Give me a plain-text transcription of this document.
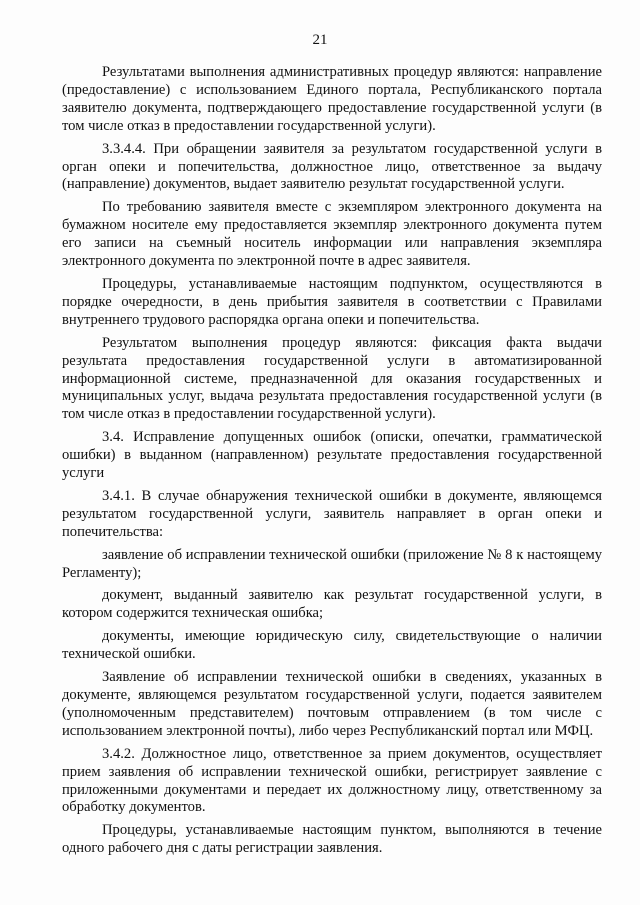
21

Результатами выполнения административных процедур являются: направление (предоставление) с использованием Единого портала, Республиканского портала заявителю документа, подтверждающего предоставление государственной услуги (в том числе отказ в предоставлении государственной услуги).

3.3.4.4. При обращении заявителя за результатом государственной услуги в орган опеки и попечительства, должностное лицо, ответственное за выдачу (направление) документов, выдает заявителю результат государственной услуги.

По требованию заявителя вместе с экземпляром электронного документа на бумажном носителе ему предоставляется экземпляр электронного документа путем его записи на съемный носитель информации или направления экземпляра электронного документа по электронной почте в адрес заявителя.

Процедуры, устанавливаемые настоящим подпунктом, осуществляются в порядке очередности, в день прибытия заявителя в соответствии с Правилами внутреннего трудового распорядка органа опеки и попечительства.

Результатом выполнения процедур являются: фиксация факта выдачи результата предоставления государственной услуги в автоматизированной информационной системе, предназначенной для оказания государственных и муниципальных услуг, выдача результата предоставления государственной услуги (в том числе отказ в предоставлении государственной услуги).

3.4. Исправление допущенных ошибок (описки, опечатки, грамматической ошибки) в выданном (направленном) результате предоставления государственной услуги

3.4.1. В случае обнаружения технической ошибки в документе, являющемся результатом государственной услуги, заявитель направляет в орган опеки и попечительства:

заявление об исправлении технической ошибки (приложение № 8 к настоящему Регламенту);

документ, выданный заявителю как результат государственной услуги, в котором содержится техническая ошибка;

документы, имеющие юридическую силу, свидетельствующие о наличии технической ошибки.

Заявление об исправлении технической ошибки в сведениях, указанных в документе, являющемся результатом государственной услуги, подается заявителем (уполномоченным представителем) почтовым отправлением (в том числе с использованием электронной почты), либо через Республиканский портал или МФЦ.

3.4.2. Должностное лицо, ответственное за прием документов, осуществляет прием заявления об исправлении технической ошибки, регистрирует заявление с приложенными документами и передает их должностному лицу, ответственному за обработку документов.

Процедуры, устанавливаемые настоящим пунктом, выполняются в течение одного рабочего дня с даты регистрации заявления.
